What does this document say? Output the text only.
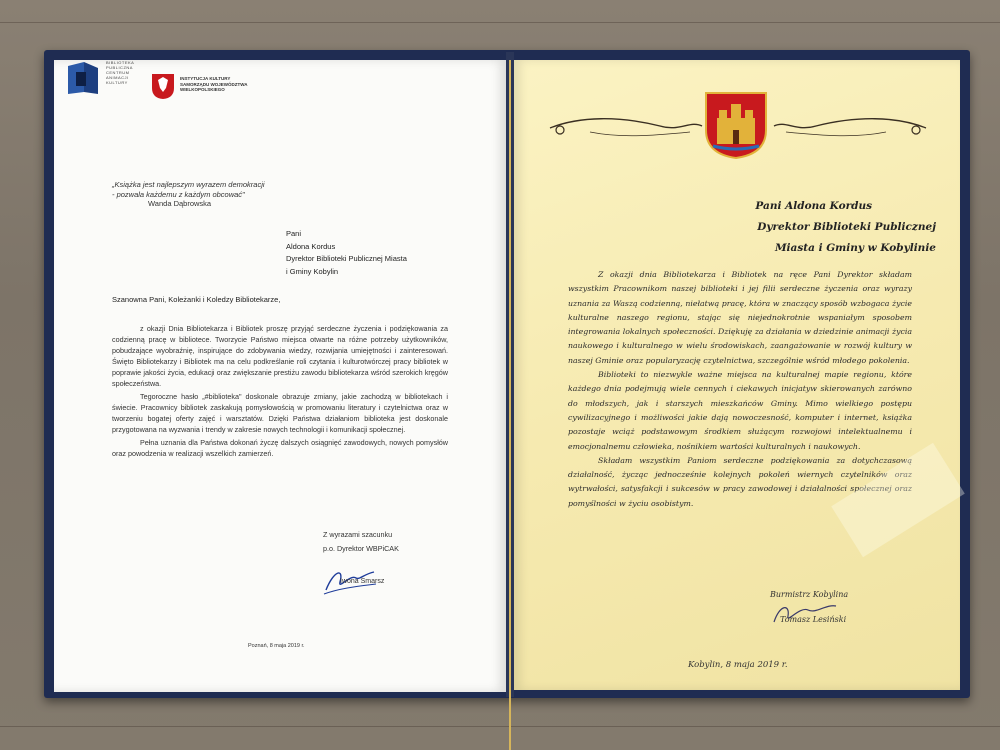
BIBLIOTEKA PUBLICZNA CENTRUM ANIMACJI KULTURY
INSTYTUCJA KULTURY SAMORZĄDU WOJEWÓDZTWA WIELKOPOLSKIEGO
„Książka jest najlepszym wyrazem demokracji
- pozwala każdemu z każdym obcować"
Wanda Dąbrowska
Pani
Aldona Kordus
Dyrektor Biblioteki Publicznej Miasta
i Gminy Kobylin
Szanowna Pani, Koleżanki i Koledzy Bibliotekarze,

z okazji Dnia Bibliotekarza i Bibliotek proszę przyjąć serdeczne życzenia i podziękowania za codzienną pracę w bibliotece. Tworzycie Państwo miejsca otwarte na różne potrzeby użytkowników, pobudzające wyobraźnię, inspirujące do zdobywania wiedzy, rozwijania umiejętności i zainteresowań. Święto Bibliotekarzy i Bibliotek ma na celu podkreślanie roli czytania i kulturotwórczej pracy bibliotek w poprawie jakości życia, edukacji oraz zwiększanie prestiżu zawodu bibliotekarza wśród szerokich kręgów społeczeństwa.

Tegoroczne hasło „#biblioteka" doskonale obrazuje zmiany, jakie zachodzą w bibliotekach i świecie. Pracownicy bibliotek zaskakują pomysłowością w promowaniu literatury i czytelnictwa oraz w tworzeniu bogatej oferty zajęć i warsztatów. Dzięki Państwa działaniom biblioteka jest doskonale przygotowana na wyzwania i trendy w zakresie nowych technologii i komunikacji społecznej.

Pełna uznania dla Państwa dokonań życzę dalszych osiągnięć zawodowych, nowych pomysłów oraz powodzenia w realizacji wszelkich zamierzeń.

Z wyrazami szacunku
p.o. Dyrektor WBPiCAK
Iwona Smarsz
Poznań, 8 maja 2019 r.
Pani Aldona Kordus
Dyrektor Biblioteki Publicznej
Miasta i Gminy w Kobylinie

Z okazji dnia Bibliotekarza i Bibliotek na ręce Pani Dyrektor składam wszystkim Pracownikom naszej biblioteki i jej filii serdeczne życzenia oraz wyrazy uznania za Waszą codzienną, niełatwą pracę, która w znaczący sposób wzbogaca życie kulturalne naszego regionu, stając się niejednokrotnie wspaniałym sposobem integrowania lokalnych społeczności. Dziękuję za działania w dziedzinie animacji życia naukowego i kulturalnego w wielu środowiskach, zaangażowanie w rozwój kultury w naszej Gminie oraz popularyzację czytelnictwa, szczególnie wśród młodego pokolenia.

Biblioteki to niezwykle ważne miejsca na kulturalnej mapie regionu, które każdego dnia podejmują wiele cennych i ciekawych inicjatyw skierowanych zarówno do młodszych, jak i starszych mieszkańców Gminy. Mimo wielkiego postępu cywilizacyjnego i możliwości jakie dają nowoczesność, komputer i internet, książka pozostaje wciąż podstawowym środkiem służącym rozwojowi intelektualnemu i emocjonalnemu człowieka, nośnikiem wartości kulturalnych i naukowych.

Składam wszystkim Paniom serdeczne podziękowania za dotychczasową działalność, życząc jednocześnie kolejnych pokoleń wiernych czytelników oraz wytrwałości, satysfakcji i sukcesów w pracy zawodowej i działalności społecznej oraz pomyślności w życiu osobistym.

Burmistrz Kobylina
Tomasz Lesiński
Kobylin, 8 maja 2019 r.
